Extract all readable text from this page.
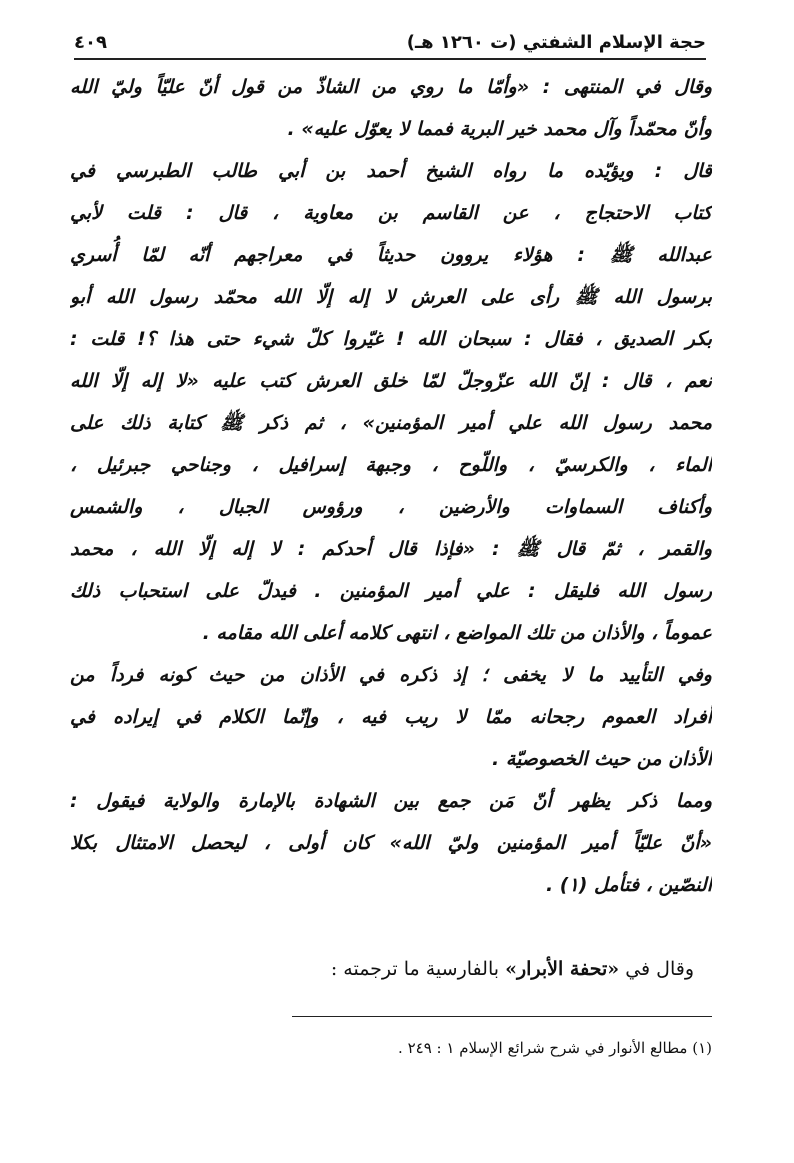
حجة الإسلام الشفتي (ت ١٢٦٠ هـ)
٤٠٩
وقال في المنتهى : «وأمّا ما روي من الشاذّ من قول أنّ عليّاً وليّ الله
وأنّ محمّداً وآل محمد خير البرية فمما لا يعوّل عليه» .
قال : ويؤيّده ما رواه الشيخ أحمد بن أبي طالب الطبرسي في
كتاب الاحتجاج ، عن القاسم بن معاوية ، قال : قلت لأبي
عبدالله ﷺ : هؤلاء يروون حديثاً في معراجهم أنّه لمّا أُسري
برسول الله ﷺ رأى على العرش لا إله إلّا الله محمّد رسول الله أبو
بكر الصديق ، فقال : سبحان الله ! غيّروا كلّ شيء حتى هذا ؟! قلت :
نعم ، قال : إنّ الله عزّوجلّ لمّا خلق العرش كتب عليه «لا إله إلّا الله
محمد رسول الله علي أمير المؤمنين» ، ثم ذكر ﷺ كتابة ذلك على
الماء ، والكرسيّ ، واللّوح ، وجبهة إسرافيل ، وجناحي جبرئيل ،
وأكناف السماوات والأرضين ، ورؤوس الجبال ، والشمس
والقمر ، ثمّ قال ﷺ : «فإذا قال أحدكم : لا إله إلّا الله ، محمد
رسول الله فليقل : علي أمير المؤمنين . فيدلّ على استحباب ذلك
عموماً ، والأذان من تلك المواضع ، انتهى كلامه أعلى الله مقامه .
وفي التأييد ما لا يخفى ؛ إذ ذكره في الأذان من حيث كونه فرداً من
أفراد العموم رجحانه ممّا لا ريب فيه ، وإنّما الكلام في إيراده في
الأذان من حيث الخصوصيّة .
ومما ذكر يظهر أنّ مَن جمع بين الشهادة بالإمارة والولاية فيقول :
«أنّ عليّاً أمير المؤمنين وليّ الله» كان أولى ، ليحصل الامتثال بكلا
النصّين ، فتأمل (١) .
وقال في «تحفة الأبرار» بالفارسية ما ترجمته :
(١) مطالع الأنوار في شرح شرائع الإسلام ١ : ٢٤٩ .
